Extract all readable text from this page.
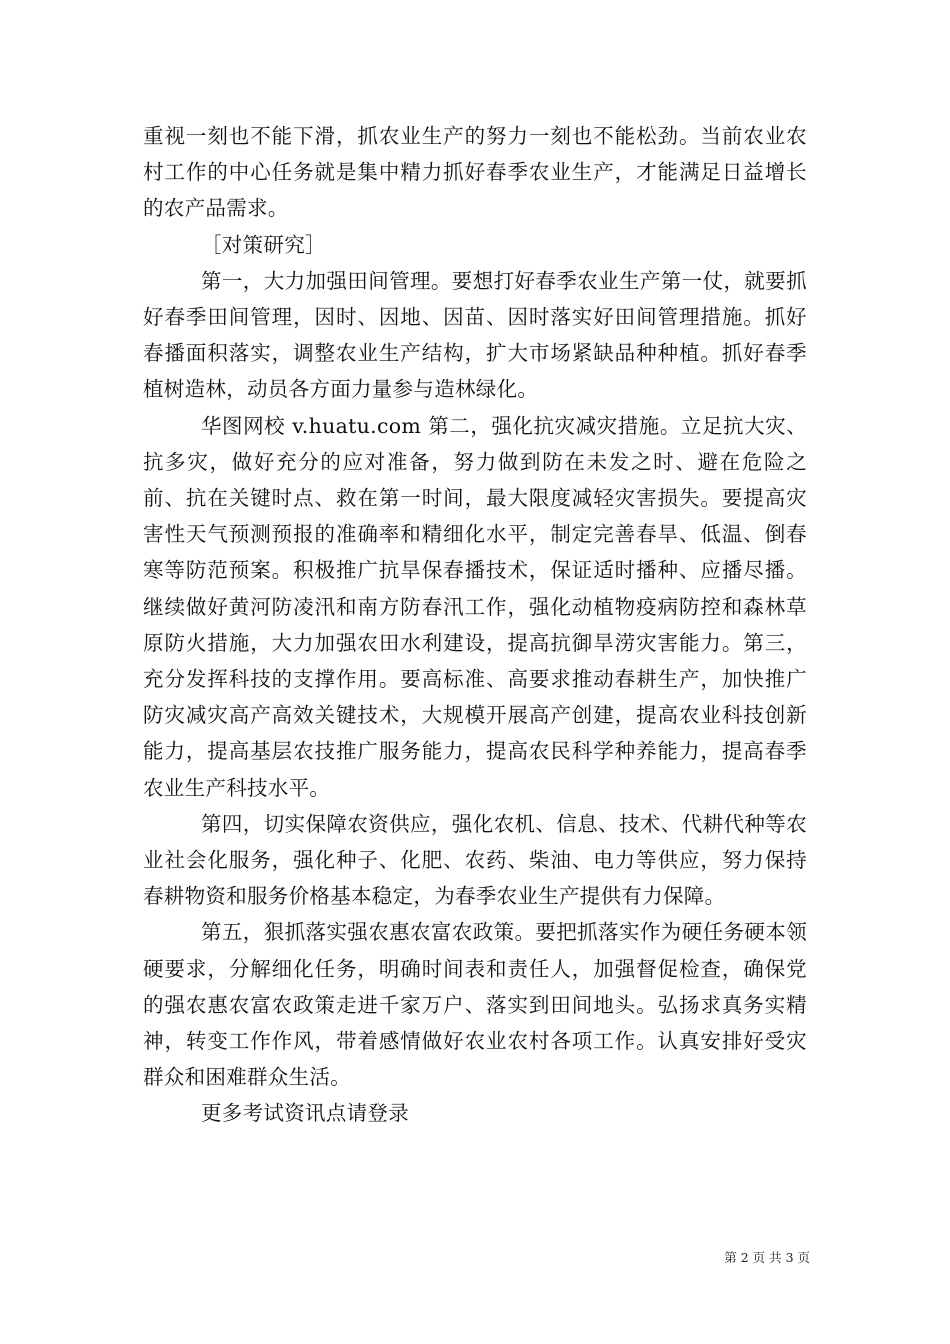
重视一刻也不能下滑，抓农业生产的努力一刻也不能松劲。当前农业农村工作的中心任务就是集中精力抓好春季农业生产，才能满足日益增长的农产品需求。

［对策研究］

第一，大力加强田间管理。要想打好春季农业生产第一仗，就要抓好春季田间管理，因时、因地、因苗、因时落实好田间管理措施。抓好春播面积落实，调整农业生产结构，扩大市场紧缺品种种植。抓好春季植树造林，动员各方面力量参与造林绿化。

华图网校 v.huatu.com 第二，强化抗灾减灾措施。立足抗大灾、抗多灾，做好充分的应对准备，努力做到防在未发之时、避在危险之前、抗在关键时点、救在第一时间，最大限度减轻灾害损失。要提高灾害性天气预测预报的准确率和精细化水平，制定完善春旱、低温、倒春寒等防范预案。积极推广抗旱保春播技术，保证适时播种、应播尽播。继续做好黄河防凌汛和南方防春汛工作，强化动植物疫病防控和森林草原防火措施，大力加强农田水利建设，提高抗御旱涝灾害能力。第三，充分发挥科技的支撑作用。要高标准、高要求推动春耕生产，加快推广防灾减灾高产高效关键技术，大规模开展高产创建，提高农业科技创新能力，提高基层农技推广服务能力，提高农民科学种养能力，提高春季农业生产科技水平。

第四，切实保障农资供应，强化农机、信息、技术、代耕代种等农业社会化服务，强化种子、化肥、农药、柴油、电力等供应，努力保持春耕物资和服务价格基本稳定，为春季农业生产提供有力保障。

第五，狠抓落实强农惠农富农政策。要把抓落实作为硬任务硬本领硬要求，分解细化任务，明确时间表和责任人，加强督促检查，确保党的强农惠农富农政策走进千家万户、落实到田间地头。弘扬求真务实精神，转变工作作风，带着感情做好农业农村各项工作。认真安排好受灾群众和困难群众生活。

更多考试资讯点请登录

第 2 页 共 3 页
